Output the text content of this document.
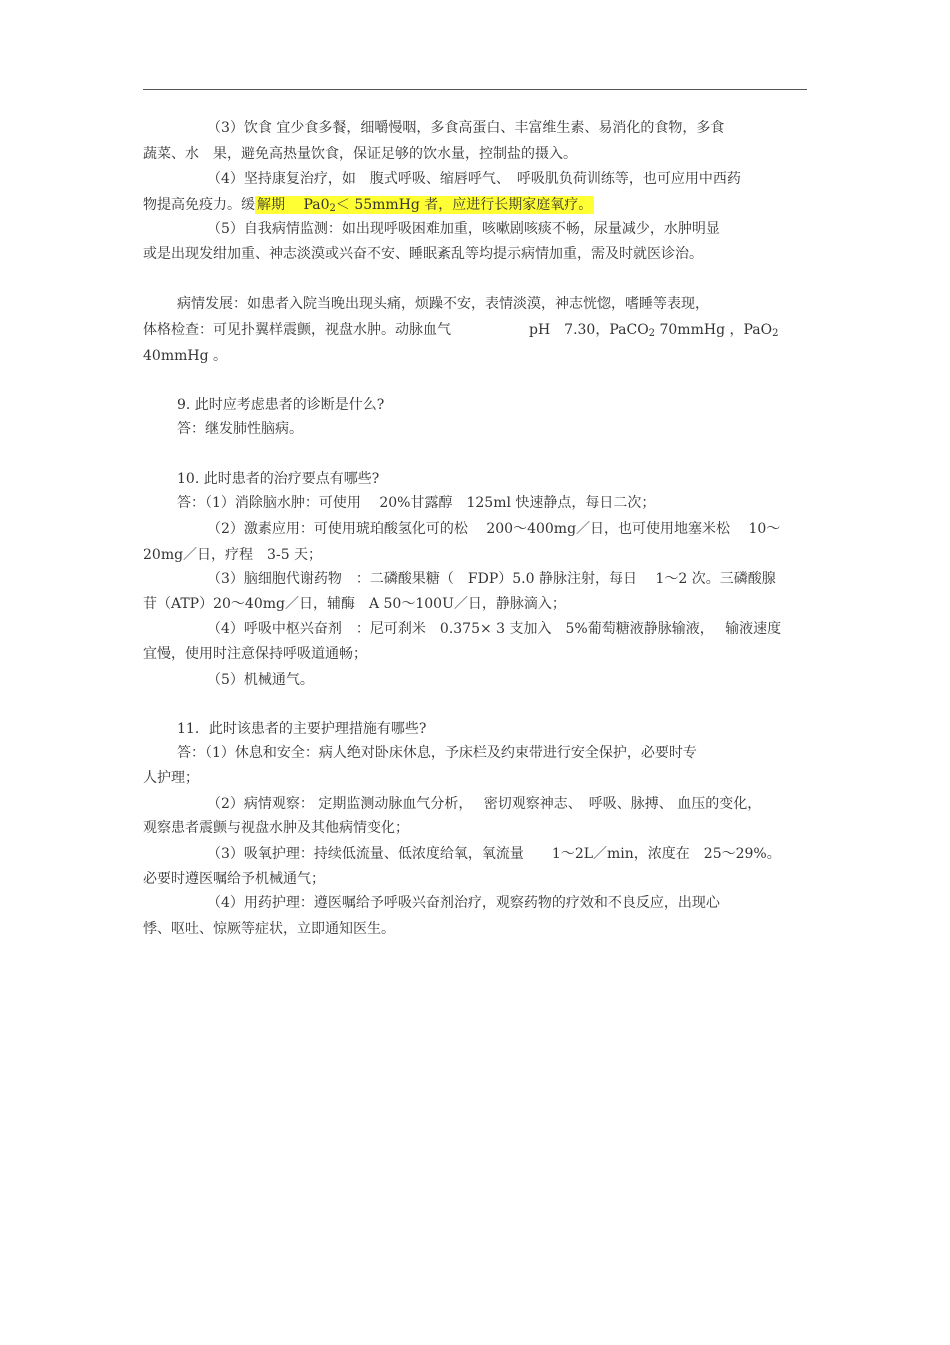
（3）饮食 宜少食多餐，细嚼慢咽，多食高蛋白、丰富维生素、易消化的食物，多食
蔬菜、水　果，避免高热量饮食，保证足够的饮水量，控制盐的摄入。
（4）坚持康复治疗，如　腹式呼吸、缩唇呼气、　呼吸肌负荷训练等，也可应用中西药
物提高免疫力。缓 解期　 $Pa0_2<$ 55mmHg 者，应进行长期家庭氧疗。
（5）自我病情监测：如出现呼吸困难加重，咳嗽剧咳痰不畅，尿量减少，水肿明显
或是出现发绀加重、神志淡漠或兴奋不安、睡眠紊乱等均提示病情加重，需及时就医诊治。
病情发展：如患者入院当晚出现头痛，烦躁不安，表情淡漠，神志恍惚，嗜睡等表现，
体格检查：可见扑翼样震颤，视盘水肿。动脉血气	pH　7.30，PaCO$_2$ 70mmHg ，PaO$_2$
40mmHg 。
9. 此时应考虑患者的诊断是什么?
答：继发肺性脑病。
10. 此时患者的治疗要点有哪些?
答：（1）消除脑水肿：可使用　 20%甘露醇　125ml 快速静点，每日二次；
（2）激素应用：可使用琥珀酸氢化可的松　 200～400mg／日，也可使用地塞米松　 10～
20mg／日，疗程　3-5 天；
（3）脑细胞代谢药物　：二磷酸果糖（　FDP）5.0 静脉注射，每日　 1～2 次。三磷酸腺
苷（ATP）20～40mg／日，辅酶　A 50～100U／日，静脉滴入；
（4）呼吸中枢兴奋剂　：尼可刹米　0.375× 3 支加入　5%葡萄糖液静脉输液，　 输液速度
宜慢，使用时注意保持呼吸道通畅；
（5）机械通气。
11．此时该患者的主要护理措施有哪些?
答：（1）休息和安全：病人绝对卧床休息，予床栏及约束带进行安全保护，必要时专
人护理；
（2）病情观察： 定期监测动脉血气分析，　 密切观察神志、　呼吸、脉搏、 血压的变化，
观察患者震颤与视盘水肿及其他病情变化；
（3）吸氧护理：持续低流量、低浓度给氧，氧流量　　1～2L／min，浓度在　25～29%。
必要时遵医嘱给予机械通气；
（4）用药护理：遵医嘱给予呼吸兴奋剂治疗，观察药物的疗效和不良反应，出现心
悸、呕吐、惊厥等症状，立即通知医生。
